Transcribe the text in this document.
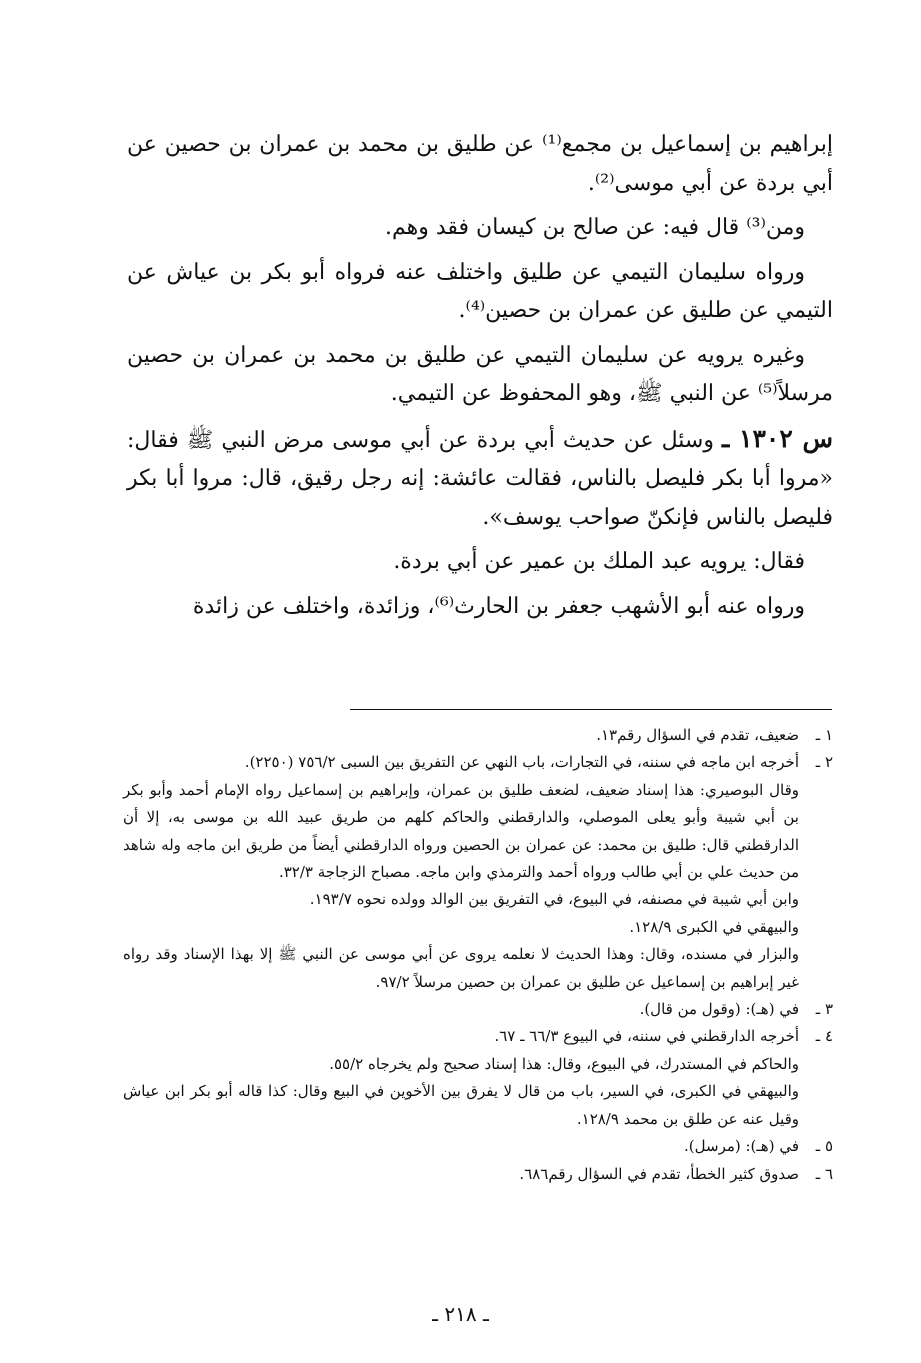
إبراهيم بن إسماعيل بن مجمع⁽¹⁾ عن طليق بن محمد بن عمران بن حصين عن أبي بردة عن أبي موسى⁽²⁾.

ومن⁽³⁾ قال فيه: عن صالح بن كيسان فقد وهم.

ورواه سليمان التيمي عن طليق واختلف عنه فرواه أبو بكر بن عياش عن التيمي عن طليق عن عمران بن حصين⁽⁴⁾.

وغيره يرويه عن سليمان التيمي عن طليق بن محمد بن عمران بن حصين مرسلاً⁽⁵⁾ عن النبي ﷺ، وهو المحفوظ عن التيمي.

س ١٣٠٢ ـ وسئل عن حديث أبي بردة عن أبي موسى مرض النبي ﷺ فقال: «مروا أبا بكر فليصل بالناس، فقالت عائشة: إنه رجل رقيق، قال: مروا أبا بكر فليصل بالناس فإنكنّ صواحب يوسف».

فقال: يرويه عبد الملك بن عمير عن أبي بردة.

ورواه عنه أبو الأشهب جعفر بن الحارث⁽⁶⁾، وزائدة، واختلف عن زائدة

١ ـ
ضعيف، تقدم في السؤال رقم١٣.
٢ ـ
أخرجه ابن ماجه في سننه، في التجارات، باب النهي عن التفريق بين السبى ٧٥٦/٢ (٢٢٥٠).
وقال البوصيري: هذا إسناد ضعيف، لضعف طليق بن عمران، وإبراهيم بن إسماعيل رواه الإمام أحمد وأبو بكر بن أبي شيبة وأبو يعلى الموصلي، والدارقطني والحاكم كلهم من طريق عبيد الله بن موسى به، إلا أن الدارقطني قال: طليق بن محمد: عن عمران بن الحصين ورواه الدارقطني أيضاً من طريق ابن ماجه وله شاهد من حديث علي بن أبي طالب ورواه أحمد والترمذي وابن ماجه. مصباح الزجاجة ٣٢/٣.
وابن أبي شيبة في مصنفه، في البيوع، في التفريق بين الوالد وولده نحوه ١٩٣/٧.
والبيهقي في الكبرى ١٢٨/٩.
والبزار في مسنده، وقال: وهذا الحديث لا نعلمه يروى عن أبي موسى عن النبي ﷺ إلا بهذا الإسناد وقد رواه غير إبراهيم بن إسماعيل عن طليق بن عمران بن حصين مرسلاً ٩٧/٢.
٣ ـ
في (هـ): (وقول من قال).
٤ ـ
أخرجه الدارقطني في سننه، في البيوع ٦٦/٣ ـ ٦٧.
والحاكم في المستدرك، في البيوع، وقال: هذا إسناد صحيح ولم يخرجاه ٥٥/٢.
والبيهقي في الكبرى، في السير، باب من قال لا يفرق بين الأخوين في البيع وقال: كذا قاله أبو بكر ابن عياش وقيل عنه عن طلق بن محمد ١٢٨/٩.
٥ ـ
في (هـ): (مرسل).
٦ ـ
صدوق كثير الخطأ، تقدم في السؤال رقم٦٨٦.
ـ ٢١٨ ـ
